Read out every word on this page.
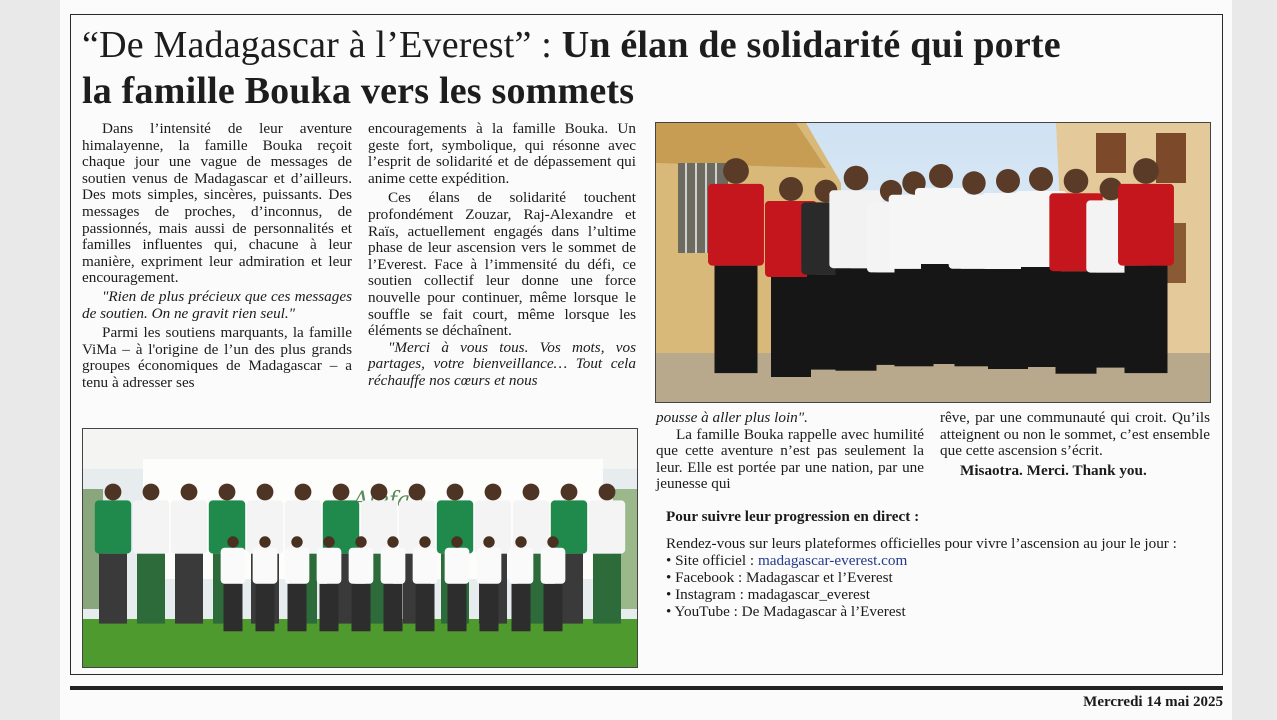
“De Madagascar à l’Everest” : Un élan de solidarité qui porte
la famille Bouka vers les sommets

Dans l’intensité de leur aventure himalayenne, la famille Bouka reçoit chaque jour une vague de messages de soutien venus de Madagascar et d’ailleurs. Des mots simples, sincères, puissants. Des messages de proches, d’inconnus, de passionnés, mais aussi de personnalités et familles influentes qui, chacune à leur manière, expriment leur admiration et leur encouragement.

"Rien de plus précieux que ces messages de soutien. On ne gravit rien seul."

Parmi les soutiens marquants, la famille ViMa – à l'origine de l’un des plus grands groupes économiques de Madagascar – a tenu à adresser ses

encouragements à la famille Bouka. Un geste fort, symbolique, qui résonne avec l’esprit de solidarité et de dépassement qui anime cette expédition.

Ces élans de solidarité touchent profondément Zouzar, Raj-Alexandre et Raïs, actuellement engagés dans l’ultime phase de leur ascension vers le sommet de l’Everest. Face à l’immensité du défi, ce soutien collectif leur donne une force nouvelle pour continuer, même lorsque le souffle se fait court, même lorsque les éléments se déchaînent.

"Merci à vous tous. Vos mots, vos partages, votre bienveillance… Tout cela réchauffe nos cœurs et nous

pousse à aller plus loin".

La famille Bouka rappelle avec humilité que cette aventure n’est pas seulement la leur. Elle est portée par une nation, par une jeunesse qui

rêve, par une communauté qui croit. Qu’ils atteignent ou non le sommet, c’est ensemble que cette ascension s’écrit.

Misaotra. Merci. Thank you.

Pour suivre leur progression en direct :

Rendez-vous sur leurs plateformes officielles pour vivre l’ascension au jour le jour :

• Site officiel : madagascar-everest.com

• Facebook : Madagascar et l’Everest

• Instagram : madagascar_everest

• YouTube : De Madagascar à l’Everest

Mercredi 14 mai 2025
